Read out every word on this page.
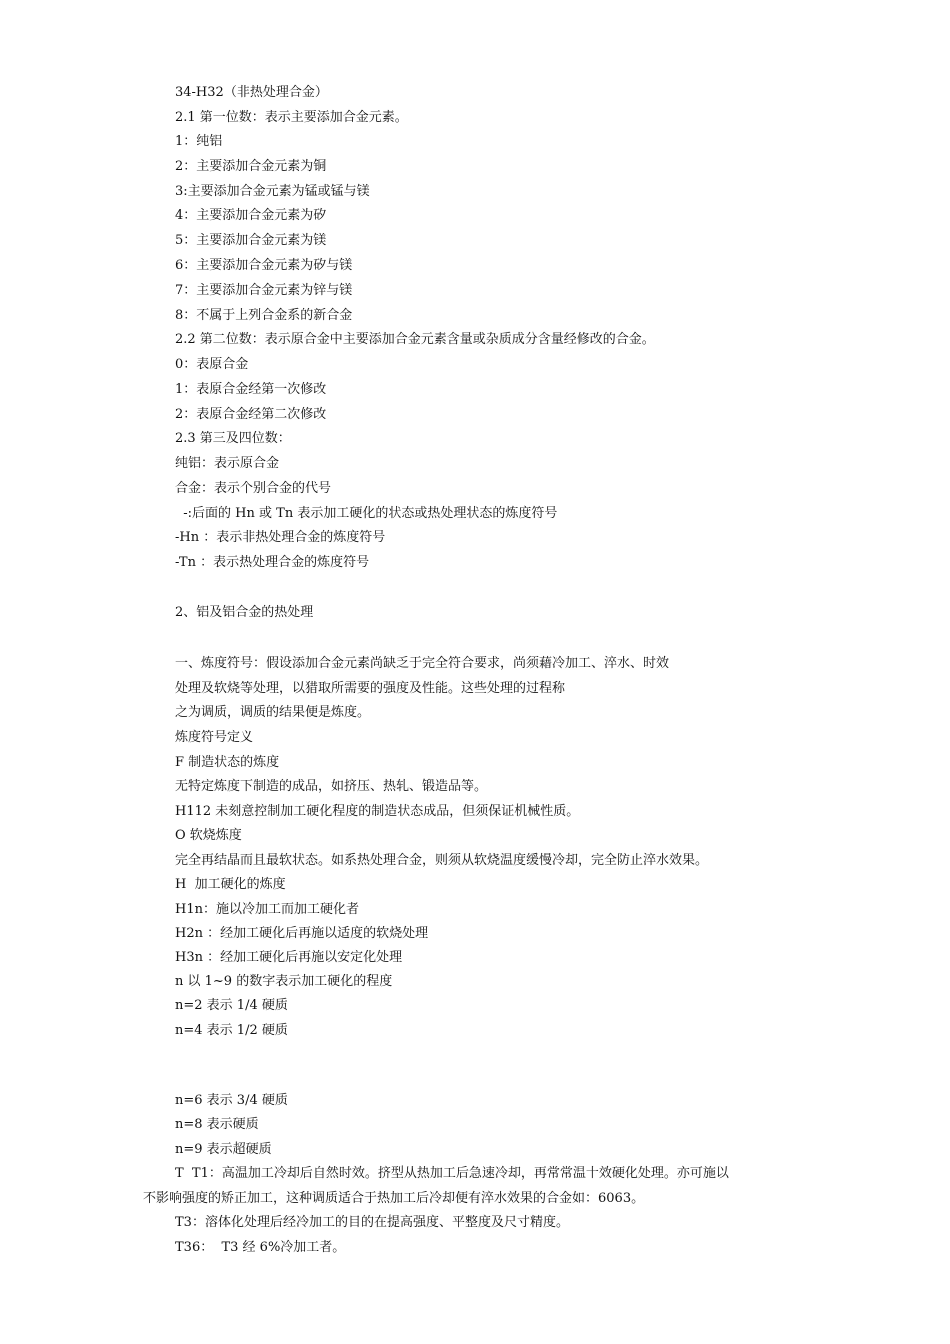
34-H32（非热处理合金）
2.1 第一位数：表示主要添加合金元素。
1：纯铝
2：主要添加合金元素为铜
3:主要添加合金元素为锰或锰与镁
4：主要添加合金元素为矽
5：主要添加合金元素为镁
6：主要添加合金元素为矽与镁
7：主要添加合金元素为锌与镁
8：不属于上列合金系的新合金
2.2 第二位数：表示原合金中主要添加合金元素含量或杂质成分含量经修改的合金。
0：表原合金
1：表原合金经第一次修改
2：表原合金经第二次修改
2.3 第三及四位数：
纯铝：表示原合金
合金：表示个别合金的代号
-:后面的 Hn 或 Tn 表示加工硬化的状态或热处理状态的炼度符号
-Hn ：表示非热处理合金的炼度符号
-Tn ：表示热处理合金的炼度符号
2、铝及铝合金的热处理
一、炼度符号：假设添加合金元素尚缺乏于完全符合要求，尚须藉冷加工、淬水、时效
处理及软烧等处理，以猎取所需要的强度及性能。这些处理的过程称
之为调质，调质的结果便是炼度。
炼度符号定义
F 制造状态的炼度
无特定炼度下制造的成品，如挤压、热轧、锻造品等。
H112 未刻意控制加工硬化程度的制造状态成品，但须保证机械性质。
O 软烧炼度
完全再结晶而且最软状态。如系热处理合金，则须从软烧温度缓慢冷却，完全防止淬水效果。
H  加工硬化的炼度
H1n：施以冷加工而加工硬化者
H2n ：经加工硬化后再施以适度的软烧处理
H3n ：经加工硬化后再施以安定化处理
n 以 1~9 的数字表示加工硬化的程度
n=2 表示 1/4 硬质
n=4 表示 1/2 硬质
n=6 表示 3/4 硬质
n=8 表示硬质
n=9 表示超硬质
T  T1：高温加工冷却后自然时效。挤型从热加工后急速冷却，再常常温十效硬化处理。亦可施以
不影响强度的矫正加工，这种调质适合于热加工后冷却便有淬水效果的合金如：6063。
T3：溶体化处理后经冷加工的目的在提高强度、平整度及尺寸精度。
T36：  T3 经 6%冷加工者。
